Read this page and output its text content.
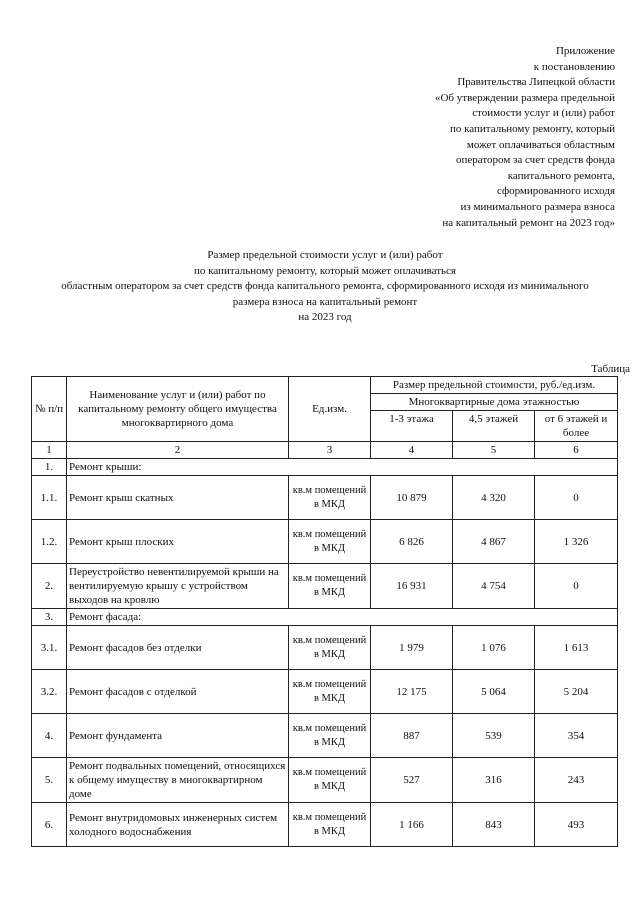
Приложение
к постановлению
Правительства Липецкой области
«Об утверждении размера предельной
стоимости услуг и (или) работ
по капитальному ремонту, который
может оплачиваться областным
оператором за счет средств фонда
капитального ремонта,
сформированного исходя
из минимального размера взноса
на капитальный ремонт на 2023 год»
Размер предельной стоимости услуг и (или) работ
по капитальному ремонту, который может оплачиваться
областным оператором за счет средств фонда капитального ремонта, сформированного исходя из минимального
размера взноса на капитальный ремонт
на 2023 год
Таблица
№ п/п	Наименование услуг и (или) работ по капитальному ремонту общего имущества многоквартирного дома	Ед.изм.	Размер предельной стоимости, руб./ед.изм.		
			Многоквартирные дома этажностью		
			1-3 этажа	4,5 этажей	от 6 этажей и более
1	2	3	4	5	6
1.	Ремонт крыши:				
1.1.	Ремонт крыш скатных	кв.м помещений в МКД	10 879	4 320	0
1.2.	Ремонт крыш плоских	кв.м помещений в МКД	6 826	4 867	1 326
2.	Переустройство невентилируемой крыши на вентилируемую крышу с устройством выходов на кровлю	кв.м помещений в МКД	16 931	4 754	0
3.	Ремонт фасада:				
3.1.	Ремонт фасадов без отделки	кв.м помещений в МКД	1 979	1 076	1 613
3.2.	Ремонт фасадов с отделкой	кв.м помещений в МКД	12 175	5 064	5 204
4.	Ремонт фундамента	кв.м помещений в МКД	887	539	354
5.	Ремонт подвальных помещений, относящихся к общему имуществу в многоквартирном доме	кв.м помещений в МКД	527	316	243
6.	Ремонт внутридомовых инженерных систем холодного водоснабжения	кв.м помещений в МКД	1 166	843	493
